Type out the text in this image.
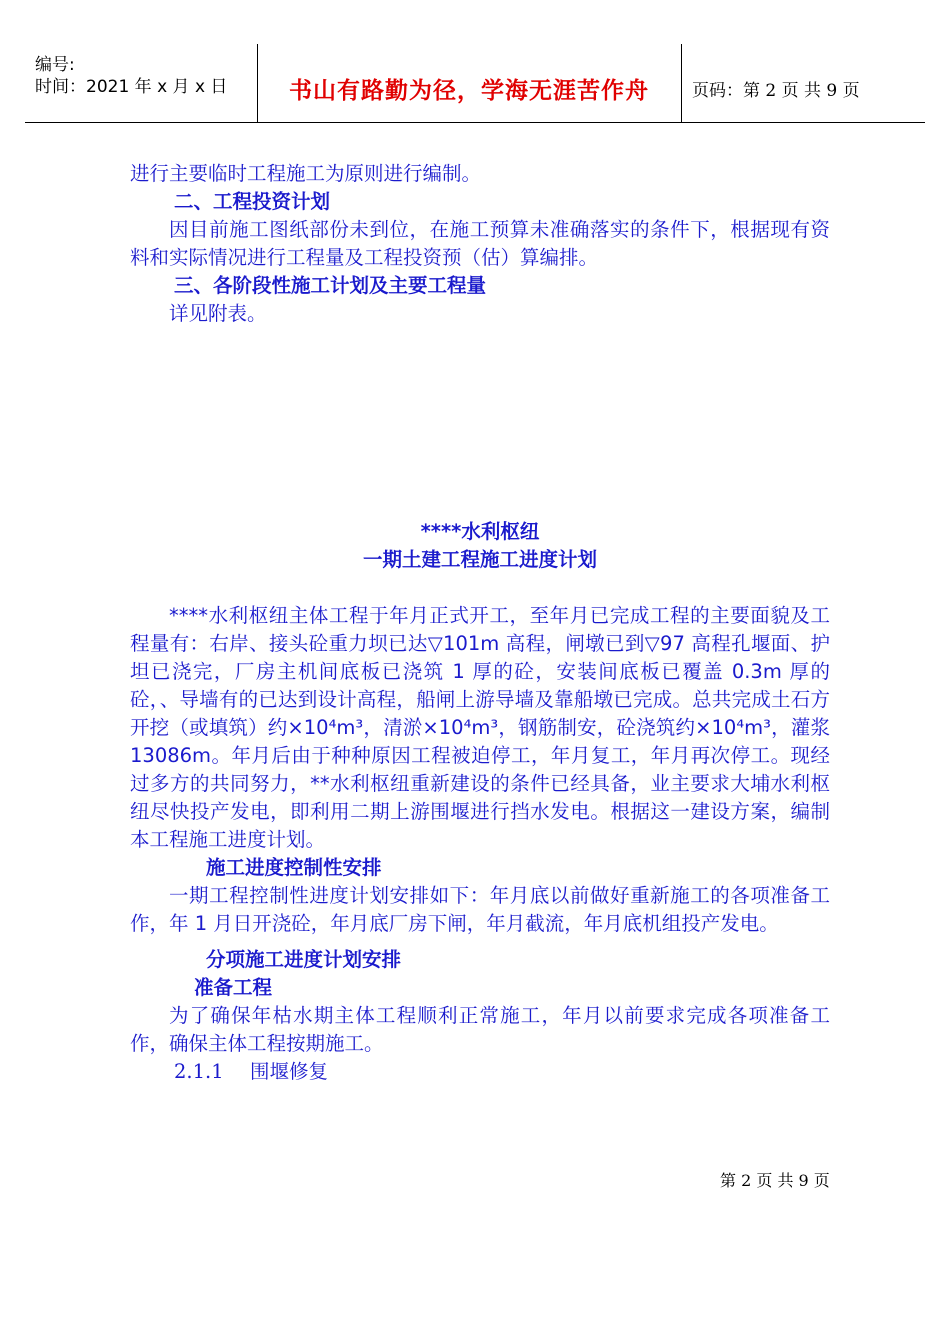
编号:
时间：2021 年 x 月 x 日	书山有路勤为径，学海无涯苦作舟	页码：第 2 页 共 9 页

进行主要临时工程施工为原则进行编制。

二、工程投资计划

因目前施工图纸部份未到位，在施工预算未准确落实的条件下，根据现有资料和实际情况进行工程量及工程投资预（估）算编排。

三、各阶段性施工计划及主要工程量

详见附表。

****水利枢纽

一期土建工程施工进度计划

****水利枢纽主体工程于年月正式开工，至年月已完成工程的主要面貌及工程量有：右岸、接头砼重力坝已达▽101m 高程，闸墩已到▽97 高程孔堰面、护坦已浇完，厂房主机间底板已浇筑 1 厚的砼，安装间底板已覆盖 0.3m 厚的砼，、导墙有的已达到设计高程，船闸上游导墙及靠船墩已完成。总共完成土石方开挖（或填筑）约×10⁴m³，清淤×10⁴m³，钢筋制安，砼浇筑约×10⁴m³，灌浆 13086m。年月后由于种种原因工程被迫停工，年月复工，年月再次停工。现经过多方的共同努力，**水利枢纽重新建设的条件已经具备，业主要求大埔水利枢纽尽快投产发电，即利用二期上游围堰进行挡水发电。根据这一建设方案，编制本工程施工进度计划。

施工进度控制性安排

一期工程控制性进度计划安排如下：年月底以前做好重新施工的各项准备工作，年 1 月日开浇砼，年月底厂房下闸，年月截流，年月底机组投产发电。

分项施工进度计划安排

准备工程

为了确保年枯水期主体工程顺利正常施工，年月以前要求完成各项准备工作，确保主体工程按期施工。

2.1.1 围堰修复

第 2 页 共 9 页
